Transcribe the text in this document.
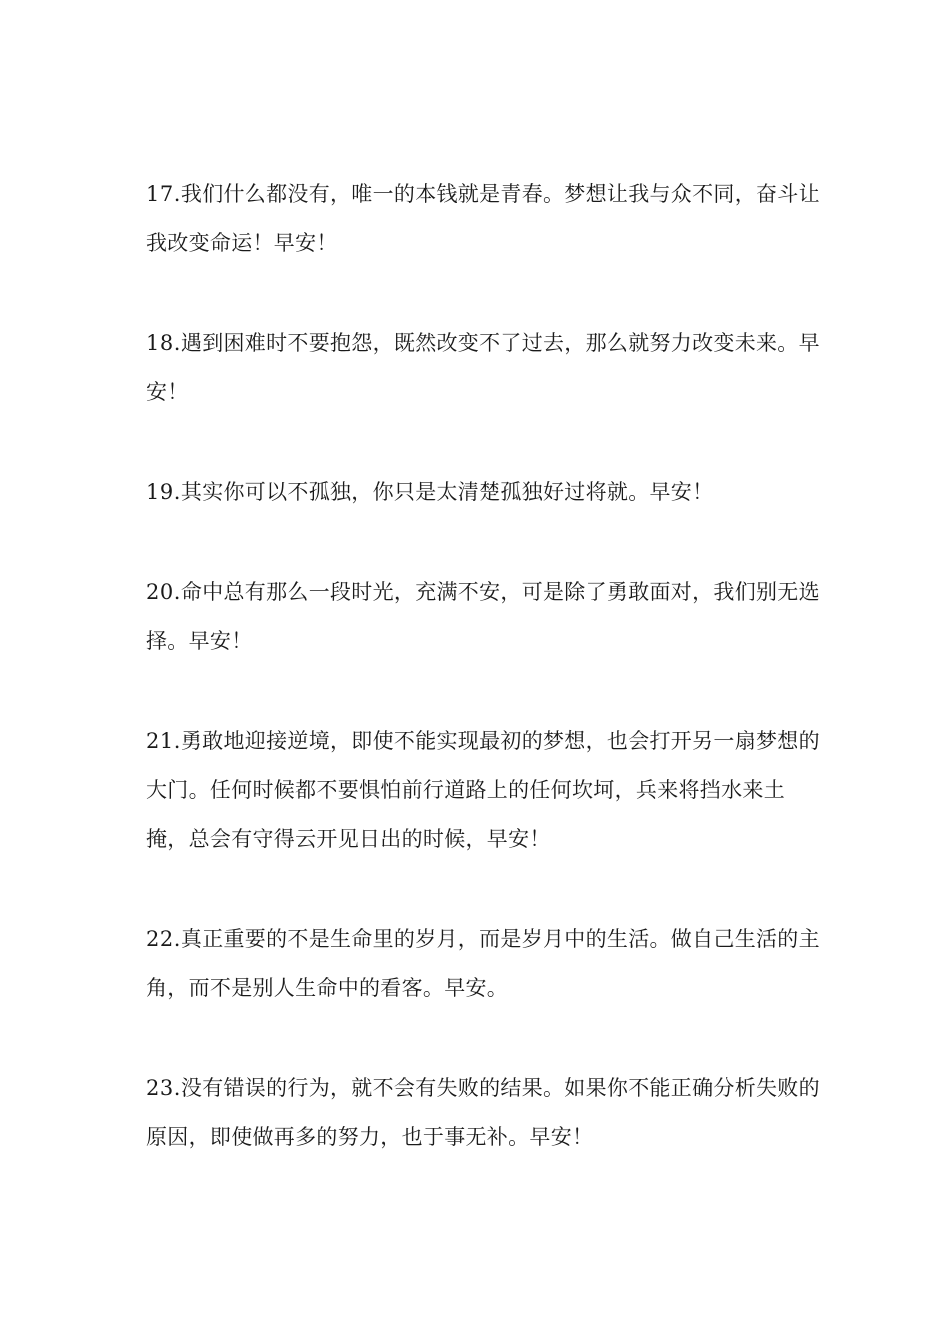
17.我们什么都没有，唯一的本钱就是青春。梦想让我与众不同，奋斗让我改变命运！早安！

18.遇到困难时不要抱怨，既然改变不了过去，那么就努力改变未来。早安！

19.其实你可以不孤独，你只是太清楚孤独好过将就。早安！

20.命中总有那么一段时光，充满不安，可是除了勇敢面对，我们别无选择。早安！

21.勇敢地迎接逆境，即使不能实现最初的梦想，也会打开另一扇梦想的大门。任何时候都不要惧怕前行道路上的任何坎坷，兵来将挡水来土掩，总会有守得云开见日出的时候，早安！

22.真正重要的不是生命里的岁月，而是岁月中的生活。做自己生活的主角，而不是别人生命中的看客。早安。

23.没有错误的行为，就不会有失败的结果。如果你不能正确分析失败的原因，即使做再多的努力，也于事无补。早安！
